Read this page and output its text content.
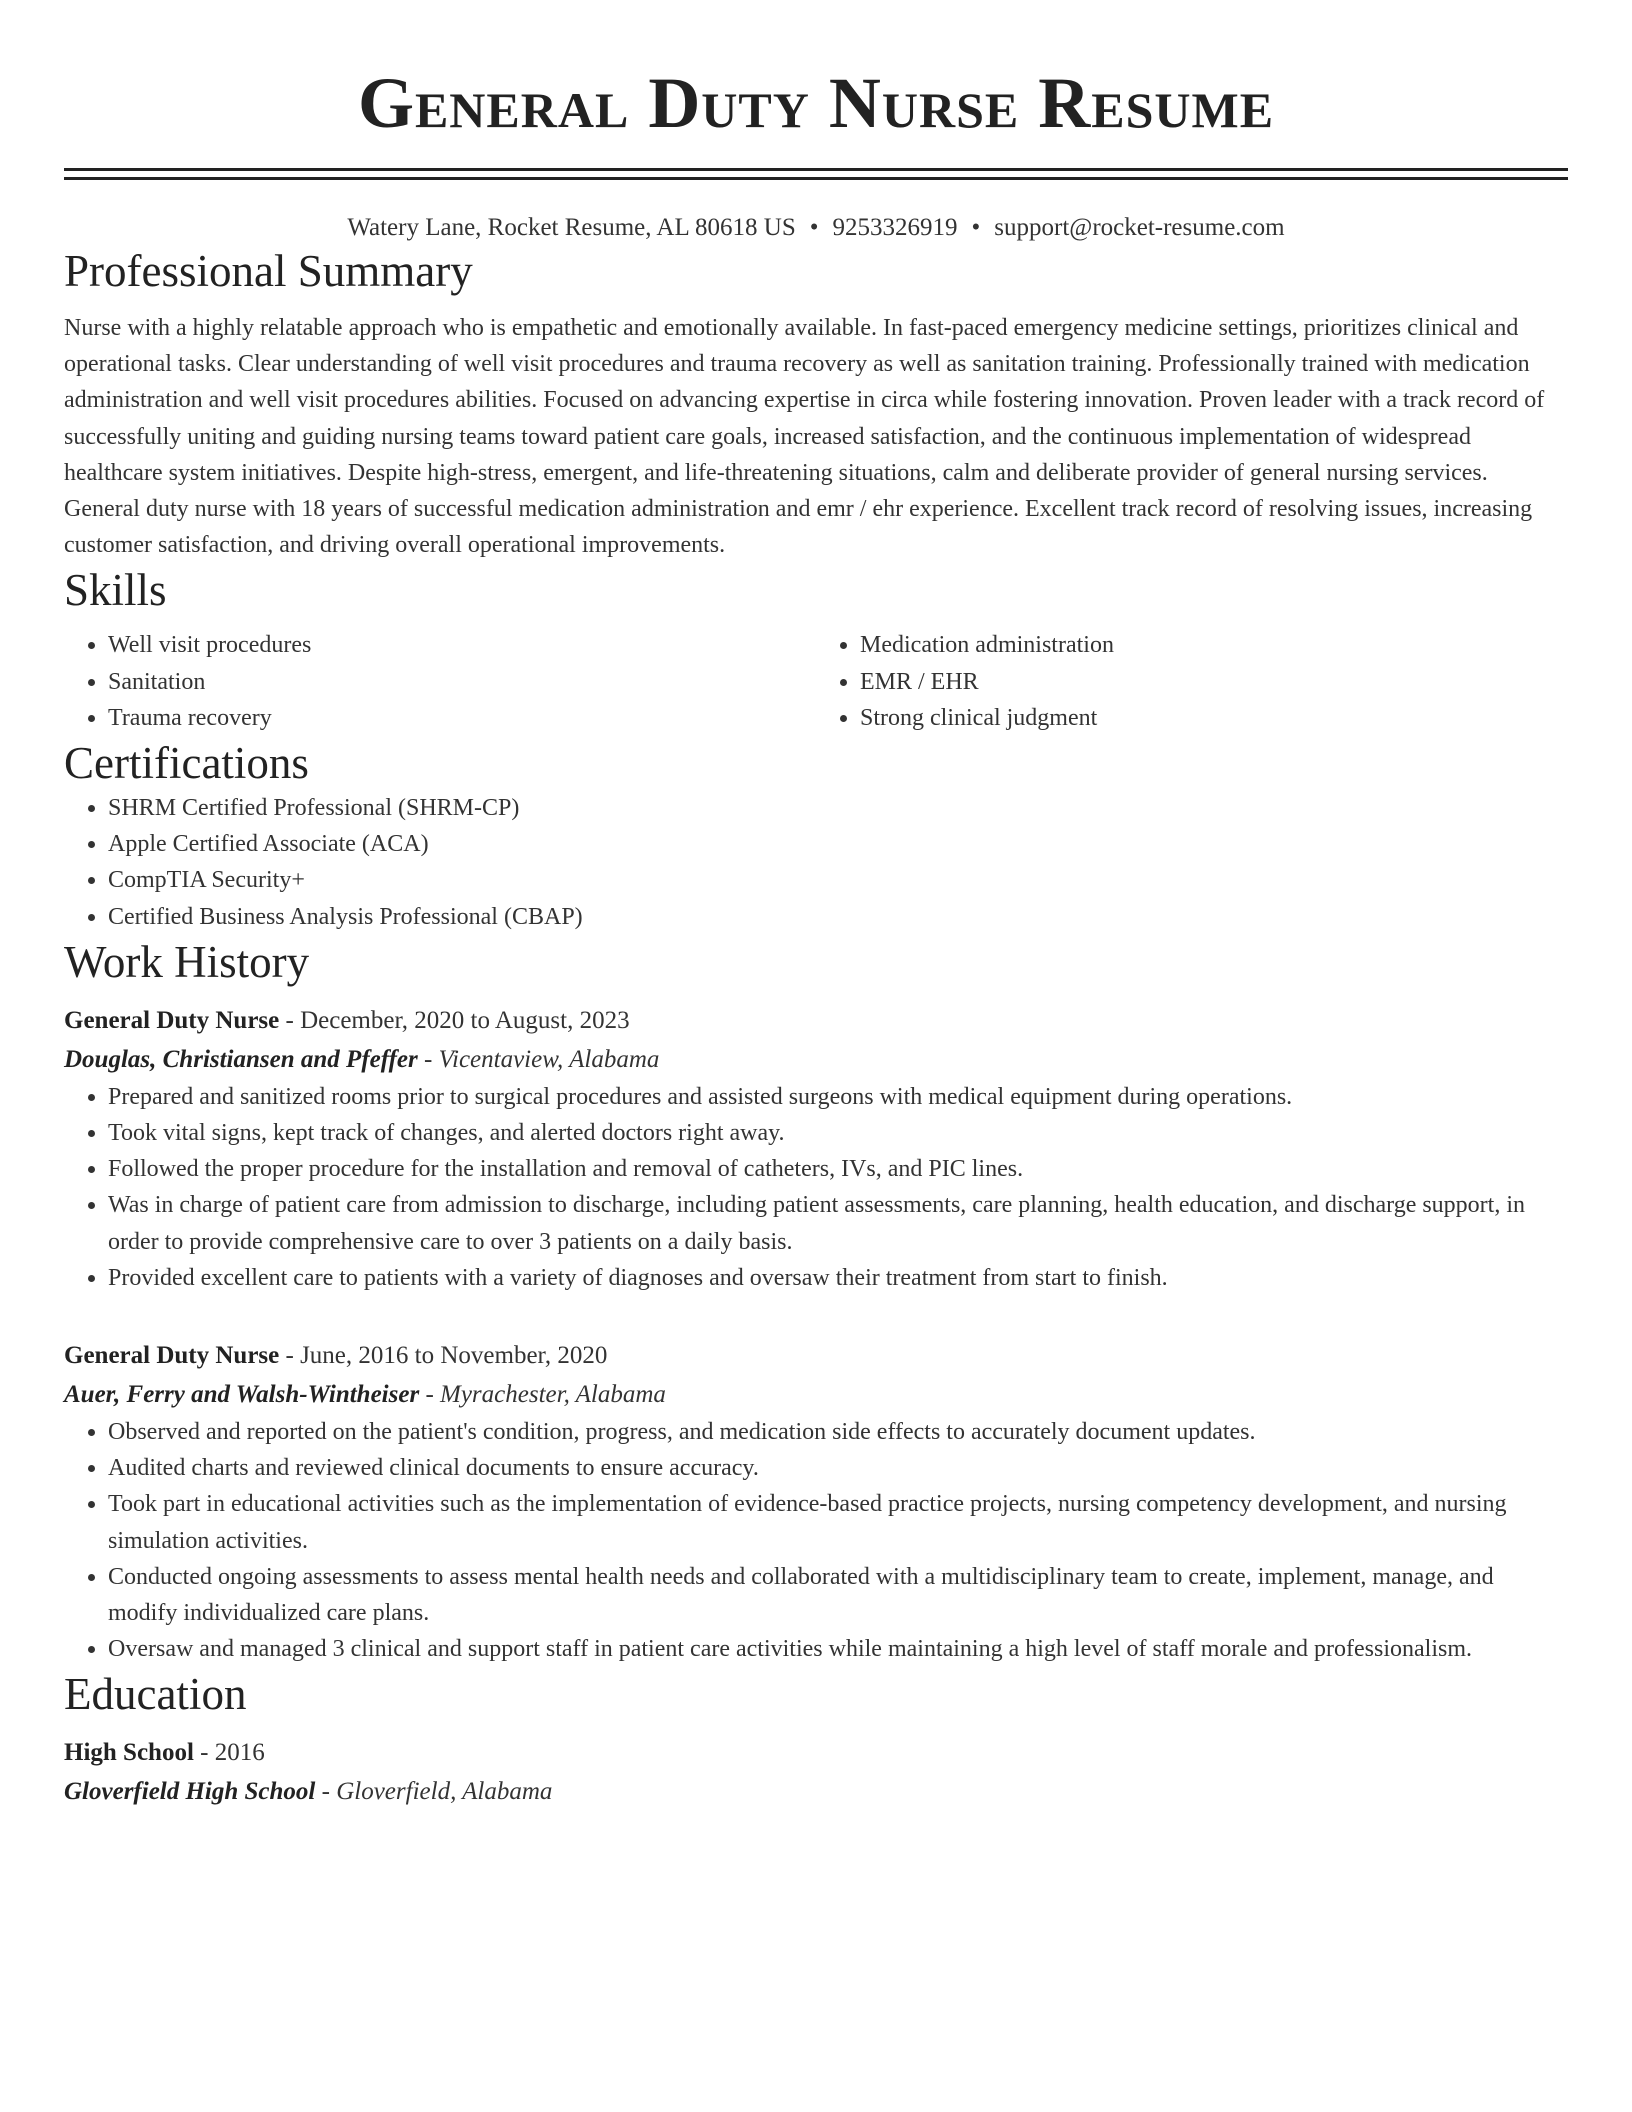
General Duty Nurse Resume
Watery Lane, Rocket Resume, AL 80618 US • 9253326919 • support@rocket-resume.com
Professional Summary

Nurse with a highly relatable approach who is empathetic and emotionally available. In fast-paced emergency medicine settings, prioritizes clinical and operational tasks. Clear understanding of well visit procedures and trauma recovery as well as sanitation training. Professionally trained with medication administration and well visit procedures abilities. Focused on advancing expertise in circa while fostering innovation. Proven leader with a track record of successfully uniting and guiding nursing teams toward patient care goals, increased satisfaction, and the continuous implementation of widespread healthcare system initiatives. Despite high-stress, emergent, and life-threatening situations, calm and deliberate provider of general nursing services. General duty nurse with 18 years of successful medication administration and emr / ehr experience. Excellent track record of resolving issues, increasing customer satisfaction, and driving overall operational improvements.

Skills
• Well visit procedures
• Sanitation
• Trauma recovery
• Medication administration
• EMR / EHR
• Strong clinical judgment
Certifications
• SHRM Certified Professional (SHRM-CP)
• Apple Certified Associate (ACA)
• CompTIA Security+
• Certified Business Analysis Professional (CBAP)
Work History
General Duty Nurse - December, 2020 to August, 2023
Douglas, Christiansen and Pfeffer - Vicentaview, Alabama
• Prepared and sanitized rooms prior to surgical procedures and assisted surgeons with medical equipment during operations.
• Took vital signs, kept track of changes, and alerted doctors right away.
• Followed the proper procedure for the installation and removal of catheters, IVs, and PIC lines.
• Was in charge of patient care from admission to discharge, including patient assessments, care planning, health education, and discharge support, in order to provide comprehensive care to over 3 patients on a daily basis.
• Provided excellent care to patients with a variety of diagnoses and oversaw their treatment from start to finish.
General Duty Nurse - June, 2016 to November, 2020
Auer, Ferry and Walsh-Wintheiser - Myrachester, Alabama
• Observed and reported on the patient's condition, progress, and medication side effects to accurately document updates.
• Audited charts and reviewed clinical documents to ensure accuracy.
• Took part in educational activities such as the implementation of evidence-based practice projects, nursing competency development, and nursing simulation activities.
• Conducted ongoing assessments to assess mental health needs and collaborated with a multidisciplinary team to create, implement, manage, and modify individualized care plans.
• Oversaw and managed 3 clinical and support staff in patient care activities while maintaining a high level of staff morale and professionalism.
Education
High School - 2016
Gloverfield High School - Gloverfield, Alabama
